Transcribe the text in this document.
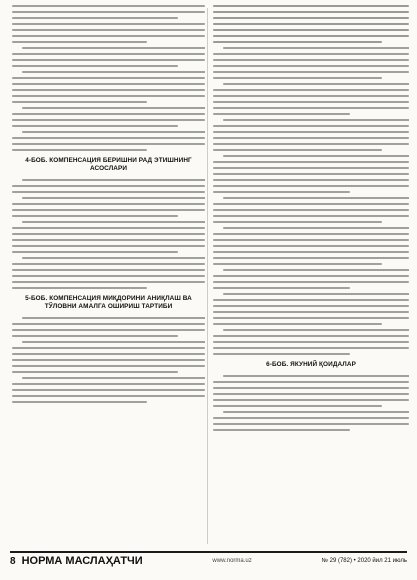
4-БОБ. КОМПЕНСАЦИЯ БЕРИШНИ РАД ЭТИШНИНГ АСОСЛАРИ
5-БОБ. КОМПЕНСАЦИЯ МИҚДОРИНИ АНИҚЛАШ ВА
ТЎЛОВНИ АМАЛГА ОШИРИШ ТАРТИБИ
6-БОБ. ЯКУНИЙ ҚОИДАЛАР
8 НОРМА МАСЛАҲАТЧИ	www.norma.uz	№ 29 (782) • 2020 йил 21 июль
